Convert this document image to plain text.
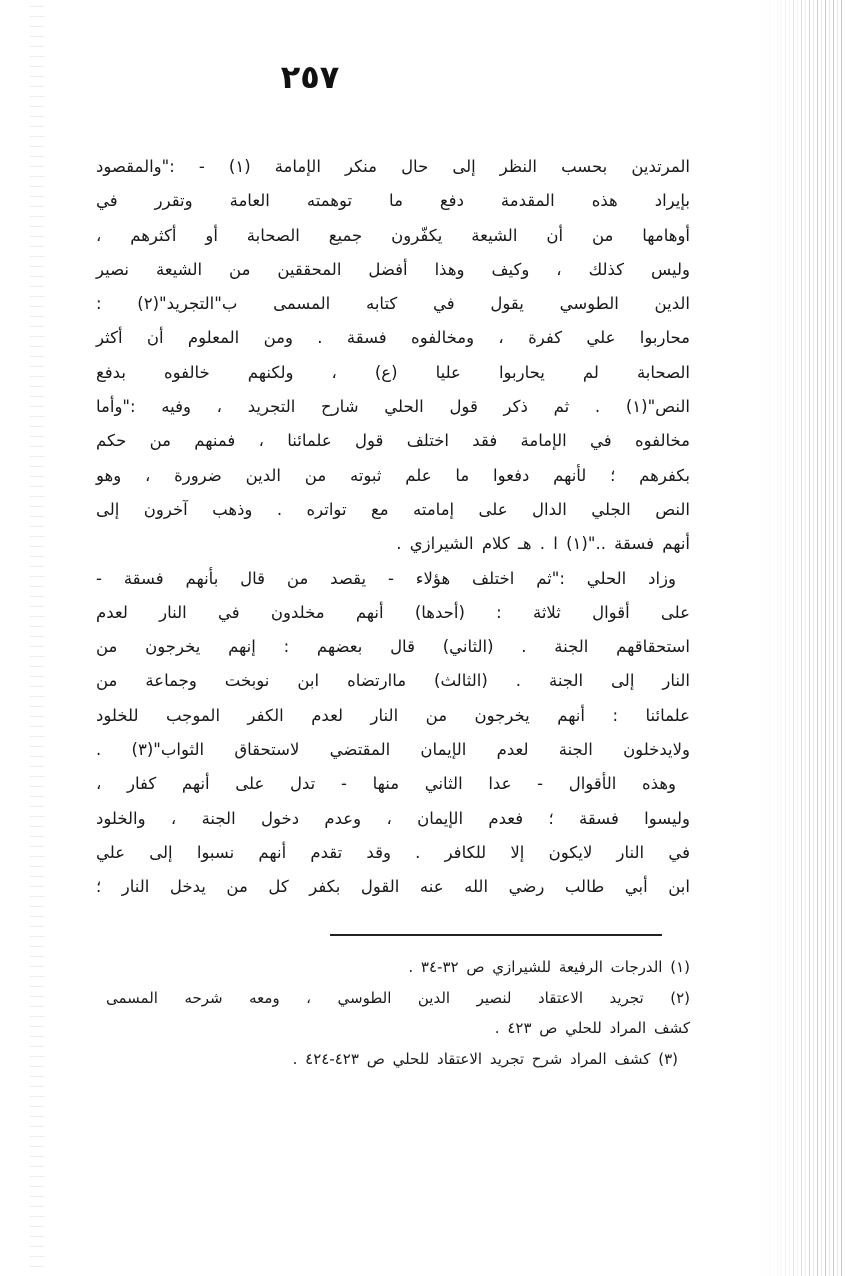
٢٥٧
المرتدين بحسب النظر إلى حال منكر الإمامة (١) - :"والمقصود
بإيراد هذه المقدمة دفع ما توهمته العامة وتقرر في
أوهامها من أن الشيعة يكفّرون جميع الصحابة أو أكثرهم ،
وليس كذلك ، وكيف وهذا أفضل المحققين من الشيعة نصير
الدين الطوسي يقول في كتابه المسمى ب"التجريد"(٢) :
محاربوا علي كفرة ، ومخالفوه فسقة . ومن المعلوم أن أكثر
الصحابة لم يحاربوا عليا (ع) ، ولكنهم خالفوه بدفع
النص"(١) . ثم ذكر قول الحلي شارح التجريد ، وفيه :"وأما
مخالفوه في الإمامة فقد اختلف قول علمائنا ، فمنهم من حكم
بكفرهم ؛ لأنهم دفعوا ما علم ثبوته من الدين ضرورة ، وهو
النص الجلي الدال على إمامته مع تواتره . وذهب آخرون إلى
أنهم فسقة .."(١) ا . هـ كلام الشيرازي .
وزاد الحلي :"ثم اختلف هؤلاء - يقصد من قال بأنهم فسقة -
على أقوال ثلاثة : (أحدها) أنهم مخلدون في النار لعدم
استحقاقهم الجنة . (الثاني) قال بعضهم : إنهم يخرجون من
النار إلى الجنة . (الثالث) ماارتضاه ابن نوبخت وجماعة من
علمائنا : أنهم يخرجون من النار لعدم الكفر الموجب للخلود
ولايدخلون الجنة لعدم الإيمان المقتضي لاستحقاق الثواب"(٣) .
وهذه الأقوال - عدا الثاني منها - تدل على أنهم كفار ،
وليسوا فسقة ؛ فعدم الإيمان ، وعدم دخول الجنة ، والخلود
في النار لايكون إلا للكافر . وقد تقدم أنهم نسبوا إلى علي
ابن أبي طالب رضي الله عنه القول بكفر كل من يدخل النار ؛
(١) الدرجات الرفيعة للشيرازي ص ٣٢-٣٤ .
(٢) تجريد الاعتقاد لنصير الدين الطوسي ، ومعه شرحه المسمى
كشف المراد للحلي ص ٤٢٣ .
(٣) كشف المراد شرح تجريد الاعتقاد للحلي ص ٤٢٣-٤٢٤ .
